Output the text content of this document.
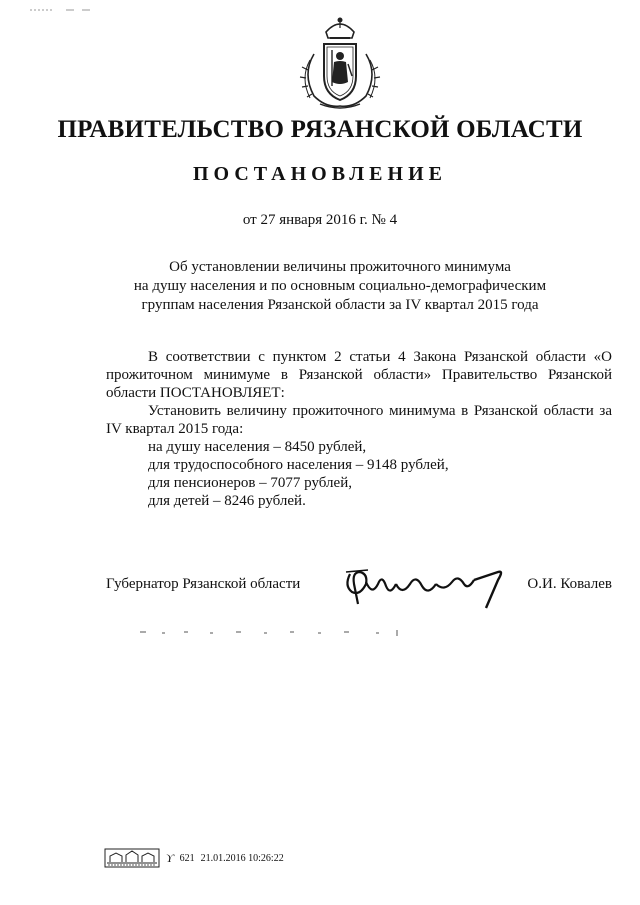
ПРАВИТЕЛЬСТВО РЯЗАНСКОЙ ОБЛАСТИ
ПОСТАНОВЛЕНИЕ
от 27 января 2016 г. № 4
Об установлении величины прожиточного минимума
на душу населения и по основным социально-демографическим
группам населения Рязанской области за IV квартал 2015 года

В соответствии с пунктом 2 статьи 4 Закона Рязанской области «О прожиточном минимуме в Рязанской области» Правительство Рязанской области ПОСТАНОВЛЯЕТ:

Установить величину прожиточного минимума в Рязанской области за IV квартал 2015 года:

на душу населения – 8450 рублей,
для трудоспособного населения – 9148 рублей,
для пенсионеров – 7077 рублей,
для детей – 8246 рублей.
Губернатор Рязанской области	О.И. Ковалев
ϒ 621 21.01.2016 10:26:22
